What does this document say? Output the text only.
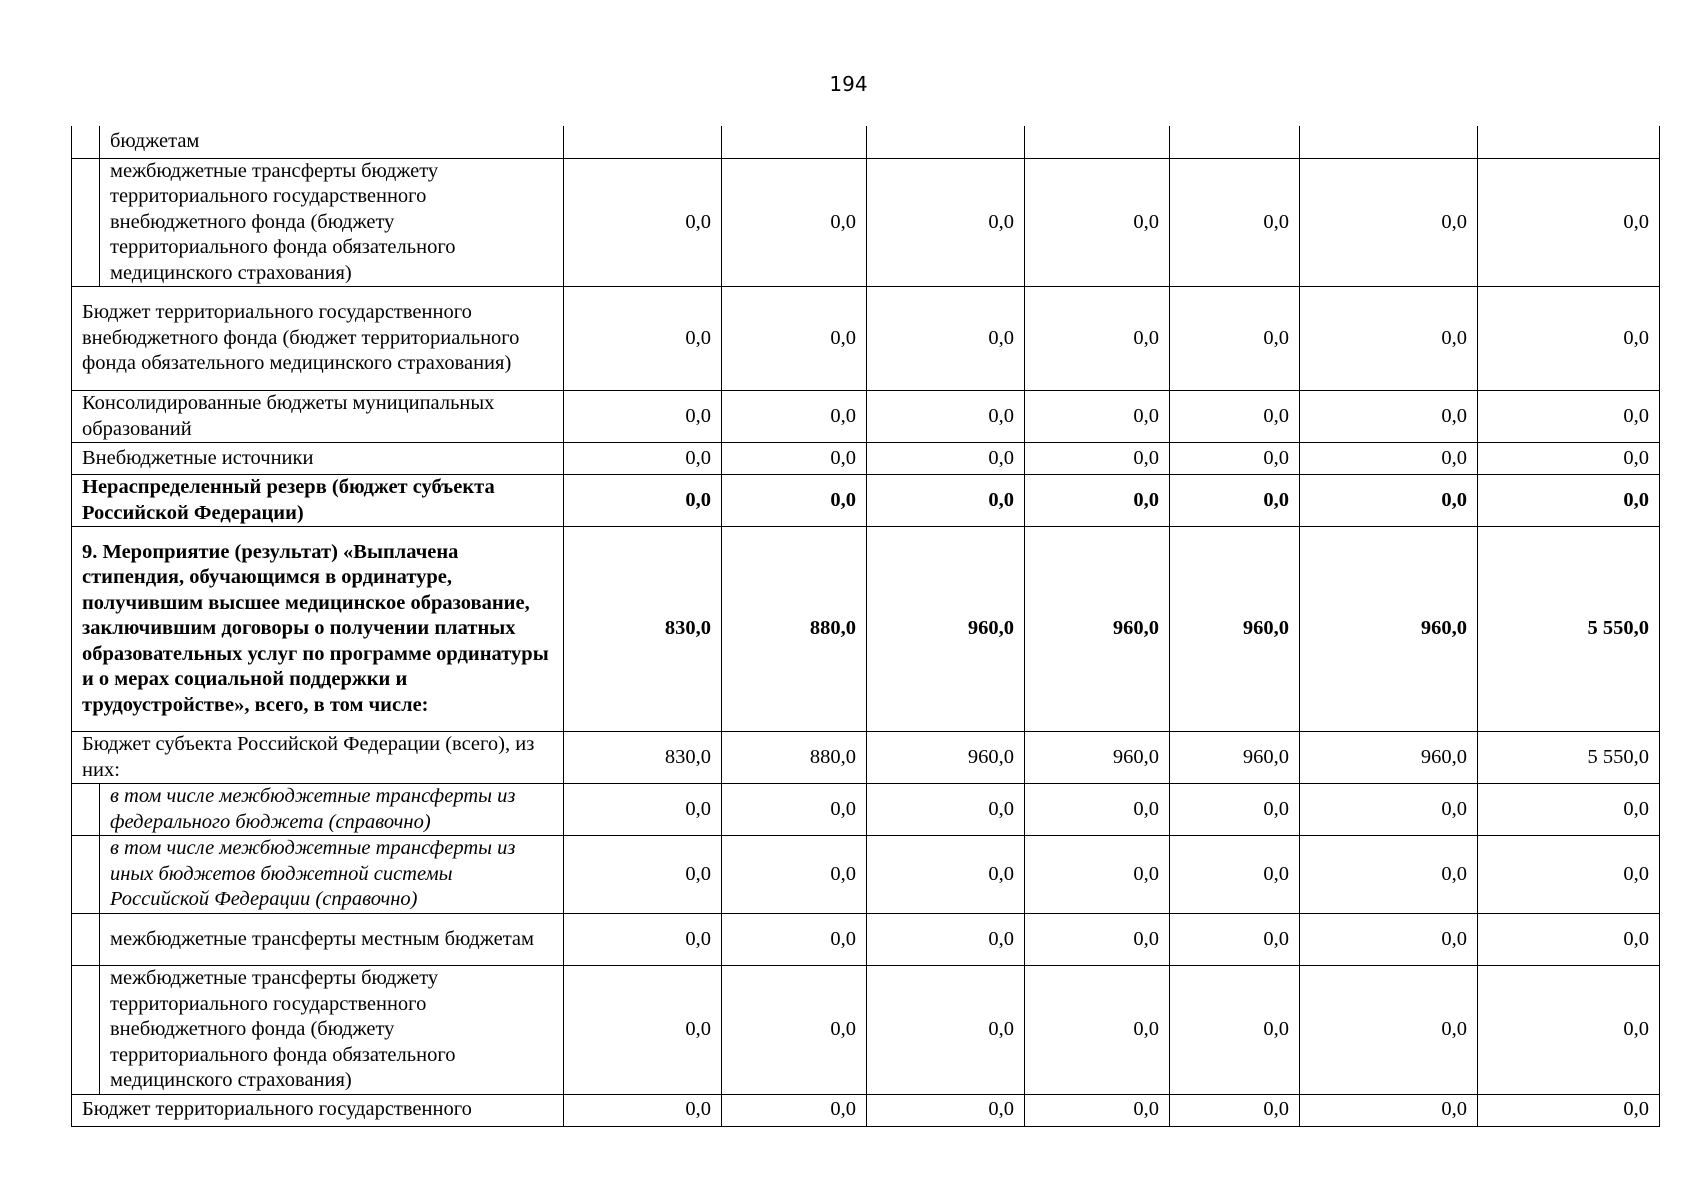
194
	бюджетам							
	межбюджетные трансферты бюджету территориального государственного внебюджетного фонда (бюджету территориального фонда обязательного медицинского страхования)	0,0	0,0	0,0	0,0	0,0	0,0	0,0
Бюджет территориального государственного внебюджетного фонда (бюджет территориального фонда обязательного медицинского страхования)		0,0	0,0	0,0	0,0	0,0	0,0	0,0
Консолидированные бюджеты муниципальных образований		0,0	0,0	0,0	0,0	0,0	0,0	0,0
Внебюджетные источники		0,0	0,0	0,0	0,0	0,0	0,0	0,0
Нераспределенный резерв (бюджет субъекта Российской Федерации)		0,0	0,0	0,0	0,0	0,0	0,0	0,0
9. Мероприятие (результат) «Выплачена стипендия, обучающимся в ординатуре, получившим высшее медицинское образование, заключившим договоры о получении платных образовательных услуг по программе ординатуры и о мерах социальной поддержки и трудоустройстве», всего, в том числе:		830,0	880,0	960,0	960,0	960,0	960,0	5 550,0
Бюджет субъекта Российской Федерации (всего), из них:		830,0	880,0	960,0	960,0	960,0	960,0	5 550,0
	в том числе межбюджетные трансферты из федерального бюджета (справочно)	0,0	0,0	0,0	0,0	0,0	0,0	0,0
	в том числе межбюджетные трансферты из иных бюджетов бюджетной системы Российской Федерации (справочно)	0,0	0,0	0,0	0,0	0,0	0,0	0,0
	межбюджетные трансферты местным бюджетам	0,0	0,0	0,0	0,0	0,0	0,0	0,0
	межбюджетные трансферты бюджету территориального государственного внебюджетного фонда (бюджету территориального фонда обязательного медицинского страхования)	0,0	0,0	0,0	0,0	0,0	0,0	0,0
Бюджет территориального государственного		0,0	0,0	0,0	0,0	0,0	0,0	0,0
